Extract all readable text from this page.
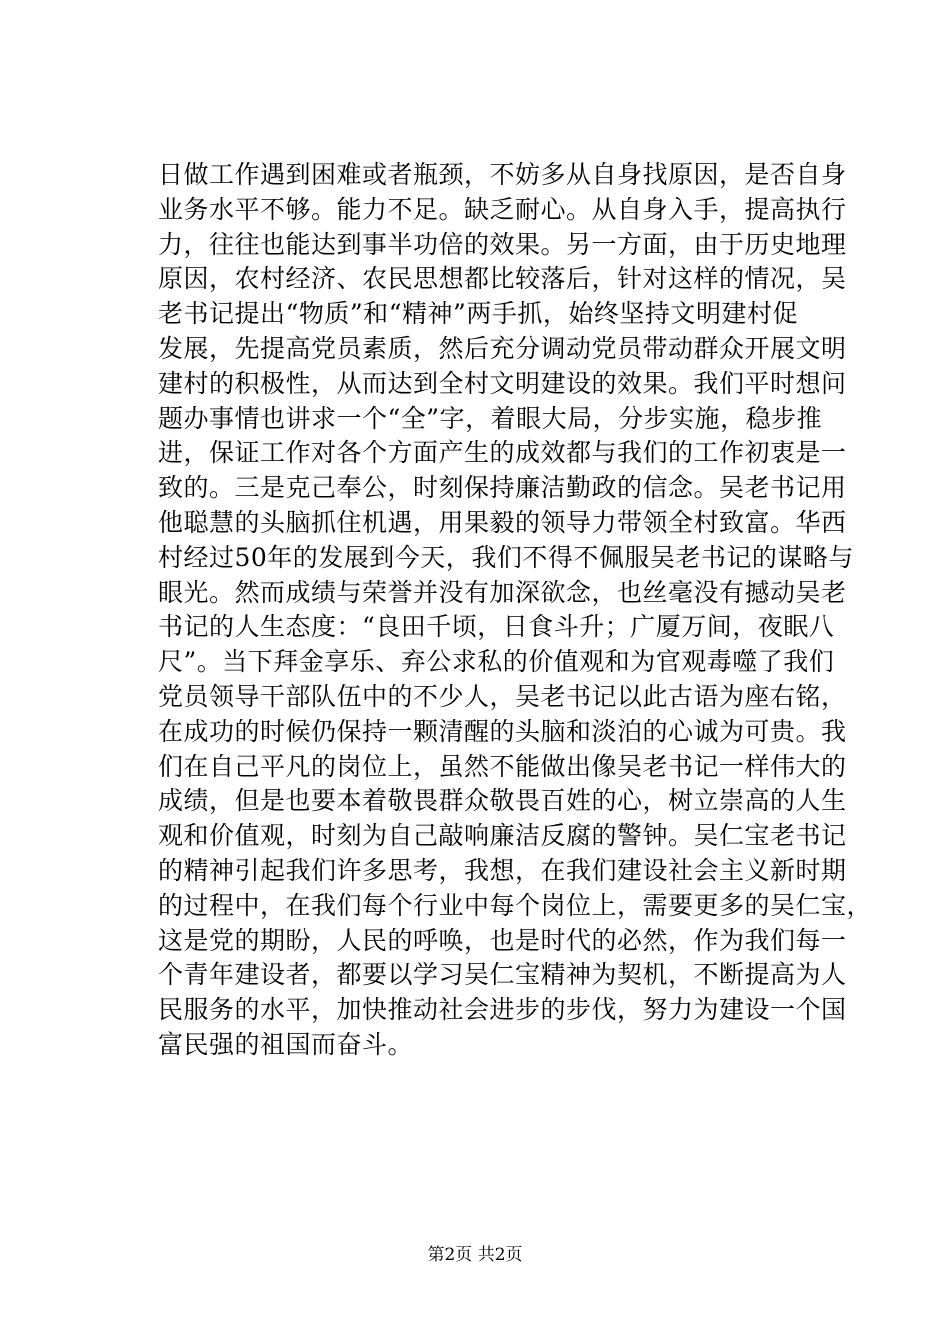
日做工作遇到困难或者瓶颈，不妨多从自身找原因，是否自身
业务水平不够。能力不足。缺乏耐心。从自身入手，提高执行
力，往往也能达到事半功倍的效果。另一方面，由于历史地理
原因，农村经济、农民思想都比较落后，针对这样的情况，吴
老书记提出“物质”和“精神”两手抓，始终坚持文明建村促
发展，先提高党员素质，然后充分调动党员带动群众开展文明
建村的积极性，从而达到全村文明建设的效果。我们平时想问
题办事情也讲求一个“全”字，着眼大局，分步实施，稳步推
进，保证工作对各个方面产生的成效都与我们的工作初衷是一
致的。三是克己奉公，时刻保持廉洁勤政的信念。吴老书记用
他聪慧的头脑抓住机遇，用果毅的领导力带领全村致富。华西
村经过50年的发展到今天，我们不得不佩服吴老书记的谋略与
眼光。然而成绩与荣誉并没有加深欲念，也丝毫没有撼动吴老
书记的人生态度：“良田千顷，日食斗升；广厦万间，夜眠八
尺”。当下拜金享乐、弃公求私的价值观和为官观毒噬了我们
党员领导干部队伍中的不少人，吴老书记以此古语为座右铭，
在成功的时候仍保持一颗清醒的头脑和淡泊的心诚为可贵。我
们在自己平凡的岗位上，虽然不能做出像吴老书记一样伟大的
成绩，但是也要本着敬畏群众敬畏百姓的心，树立崇高的人生
观和价值观，时刻为自己敲响廉洁反腐的警钟。吴仁宝老书记
的精神引起我们许多思考，我想，在我们建设社会主义新时期
的过程中，在我们每个行业中每个岗位上，需要更多的吴仁宝，
这是党的期盼，人民的呼唤，也是时代的必然，作为我们每一
个青年建设者，都要以学习吴仁宝精神为契机，不断提高为人
民服务的水平，加快推动社会进步的步伐，努力为建设一个国
富民强的祖国而奋斗。
第2页 共2页
